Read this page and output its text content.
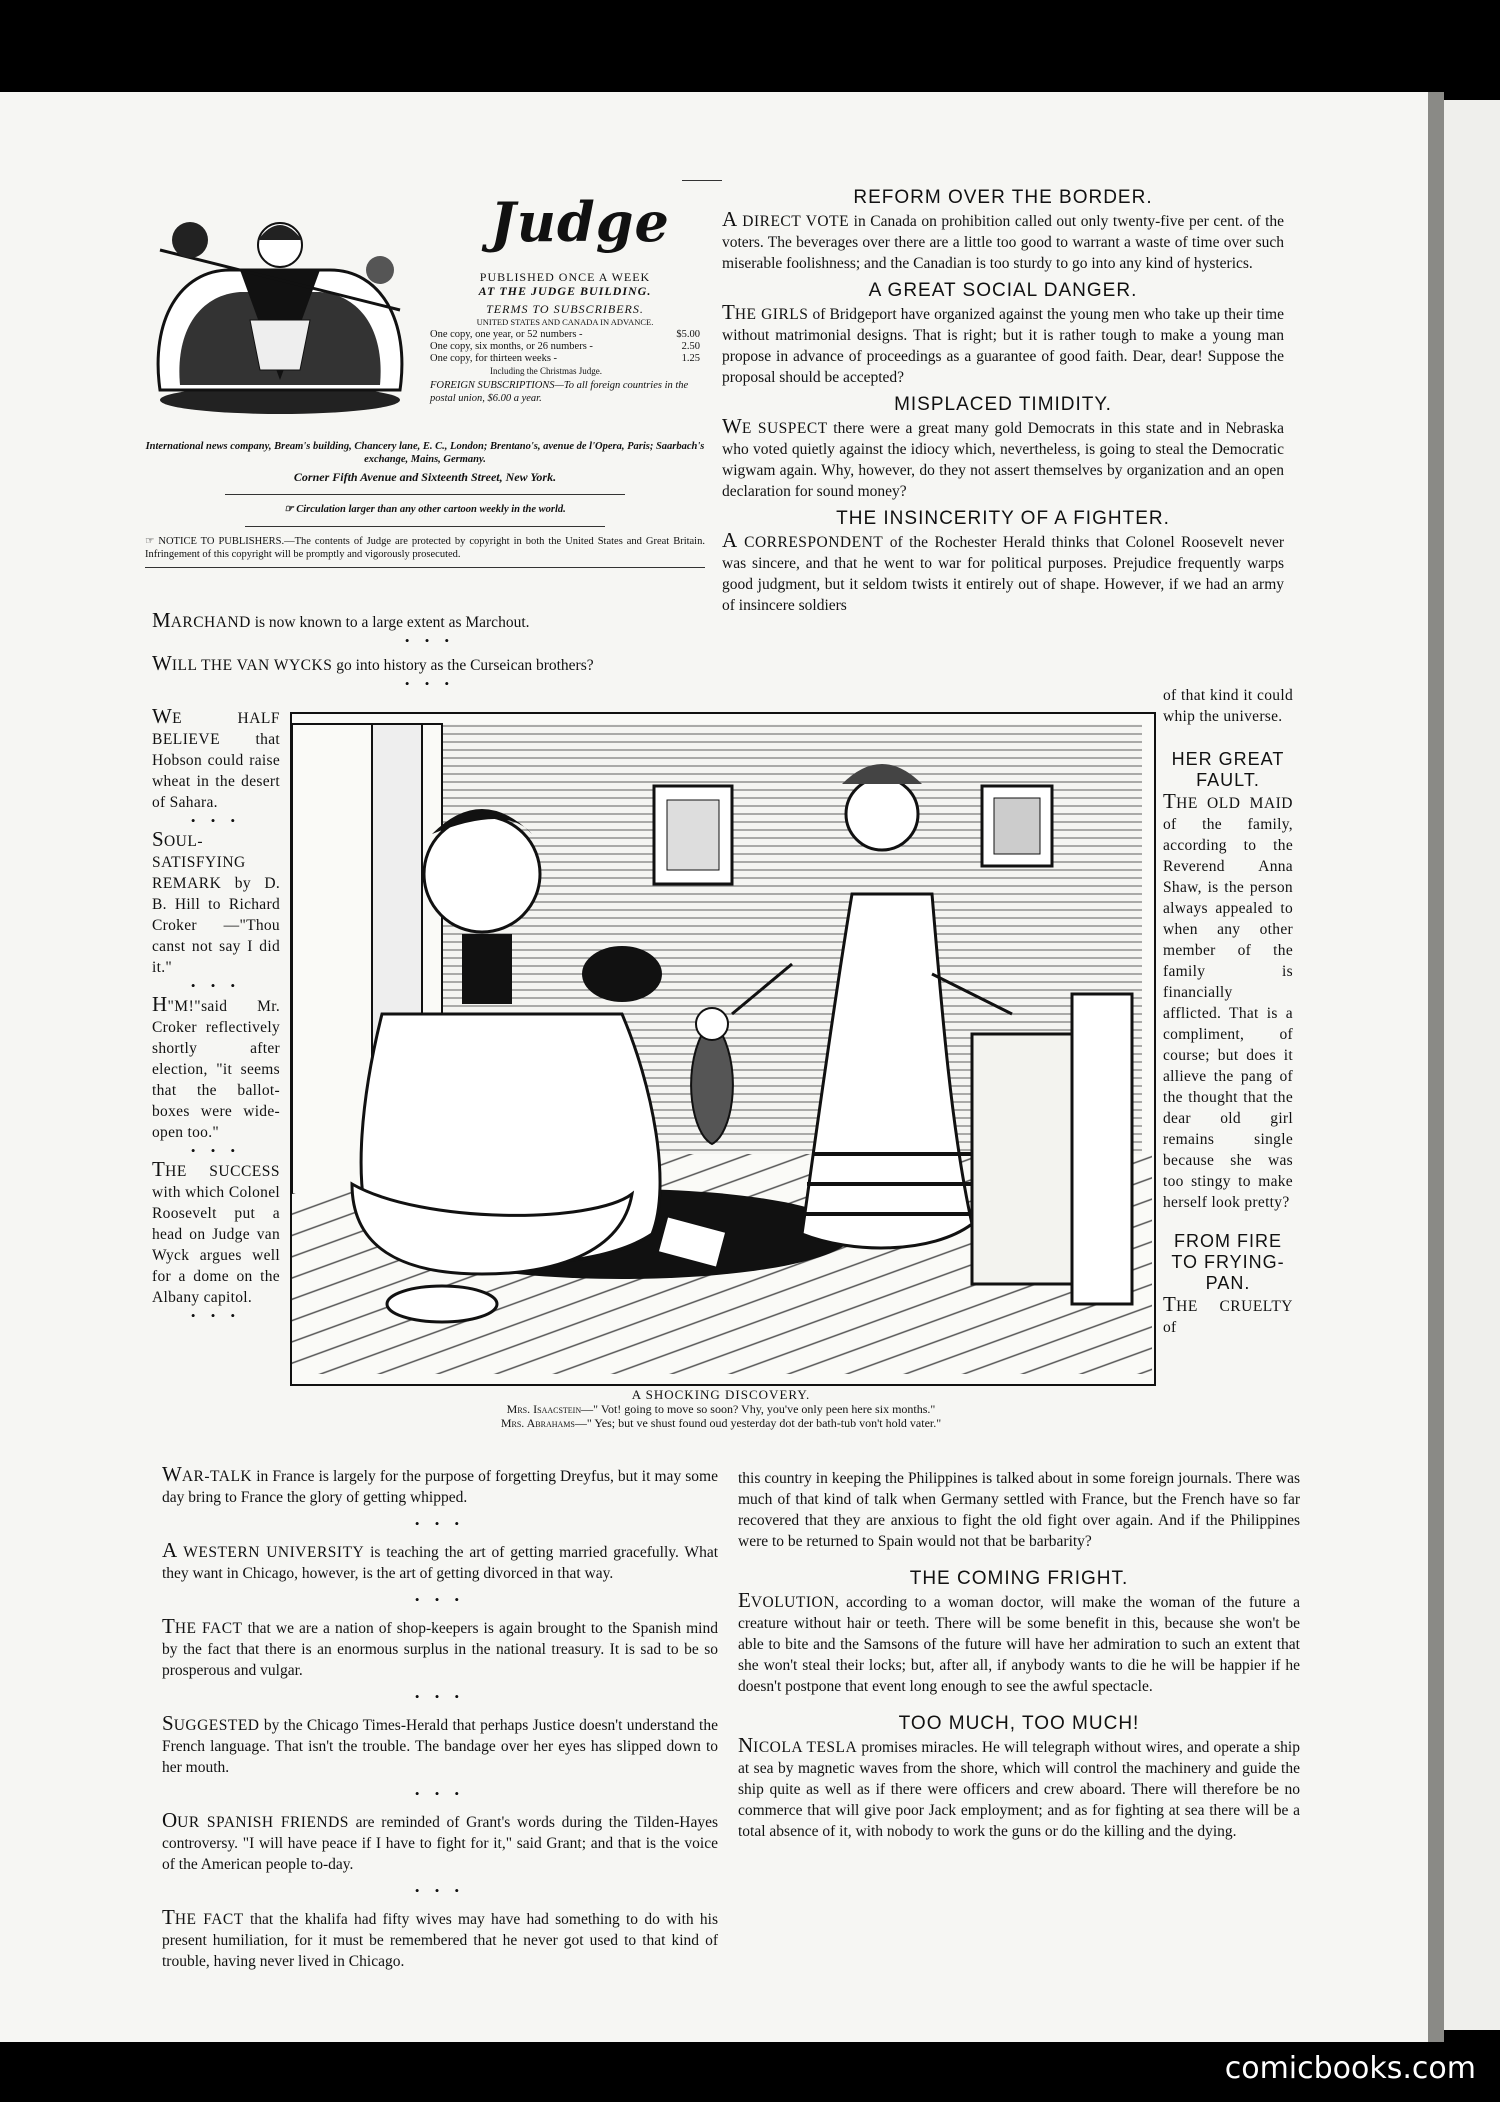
Judge

PUBLISHED ONCE A WEEK

AT THE JUDGE BUILDING.

TERMS TO SUBSCRIBERS.

UNITED STATES AND CANADA IN ADVANCE.

One copy, one year, or 52 numbers -	$5.00
One copy, six months, or 26 numbers -	2.50
One copy, for thirteen weeks -	1.25
Including the Christmas Judge.

FOREIGN SUBSCRIPTIONS—To all foreign countries in the postal union, $6.00 a year.

International news company, Bream's building, Chancery lane, E. C., London; Brentano's, avenue de l'Opera, Paris; Saarbach's exchange, Mains, Germany.

Corner Fifth Avenue and Sixteenth Street, New York.

☞ Circulation larger than any other cartoon weekly in the world.

☞ NOTICE TO PUBLISHERS.—The contents of Judge are protected by copyright in both the United States and Great Britain. Infringement of this copyright will be promptly and vigorously prosecuted.

MARCHAND is now known to a large extent as Marchout.

• • •

WILL THE VAN WYCKS go into history as the Curseican brothers?

• • •

REFORM OVER THE BORDER.

A DIRECT VOTE in Canada on prohibition called out only twenty-five per cent. of the voters. The beverages over there are a little too good to warrant a waste of time over such miserable foolishness; and the Canadian is too sturdy to go into any kind of hysterics.

A GREAT SOCIAL DANGER.

THE GIRLS of Bridgeport have organized against the young men who take up their time without matrimonial designs. That is right; but it is rather tough to make a young man propose in advance of proceedings as a guarantee of good faith. Dear, dear! Suppose the proposal should be accepted?

MISPLACED TIMIDITY.

WE SUSPECT there were a great many gold Democrats in this state and in Nebraska who voted quietly against the idiocy which, nevertheless, is going to steal the Democratic wigwam again. Why, however, do they not assert themselves by organization and an open declaration for sound money?

THE INSINCERITY OF A FIGHTER.

A CORRESPONDENT of the Rochester Herald thinks that Colonel Roosevelt never was sincere, and that he went to war for political purposes. Prejudice frequently warps good judgment, but it seldom twists it entirely out of shape. However, if we had an army of insincere soldiers

WE HALF BELIEVE that Hobson could raise wheat in the desert of Sahara.

• • •

SOUL-SATISFYING REMARK by D. B. Hill to Richard Croker —"Thou canst not say I did it."

• • •

H"M!"said Mr. Croker reflectively shortly after election, "it seems that the ballot-boxes were wide-open too."

• • •

THE SUCCESS with which Colonel Roosevelt put a head on Judge van Wyck argues well for a dome on the Albany capitol.

• • •

A SHOCKING DISCOVERY.

Mrs. Isaacstein—" Vot! going to move so soon? Vhy, you've only peen here six months."

Mrs. Abrahams—" Yes; but ve shust found oud yesterday dot der bath-tub von't hold vater."

of that kind it could whip the universe.

HER GREAT FAULT.

THE OLD MAID of the family, according to the Reverend Anna Shaw, is the person always appealed to when any other member of the family is financially afflicted. That is a compliment, of course; but does it allieve the pang of the thought that the dear old girl remains single because she was too stingy to make herself look pretty?

FROM FIRE TO FRYING-PAN.

THE CRUELTY of

WAR-TALK in France is largely for the purpose of forgetting Dreyfus, but it may some day bring to France the glory of getting whipped.

• • •

A WESTERN UNIVERSITY is teaching the art of getting married gracefully. What they want in Chicago, however, is the art of getting divorced in that way.

• • •

THE FACT that we are a nation of shop-keepers is again brought to the Spanish mind by the fact that there is an enormous surplus in the national treasury. It is sad to be so prosperous and vulgar.

• • •

SUGGESTED by the Chicago Times-Herald that perhaps Justice doesn't understand the French language. That isn't the trouble. The bandage over her eyes has slipped down to her mouth.

• • •

OUR SPANISH FRIENDS are reminded of Grant's words during the Tilden-Hayes controversy. "I will have peace if I have to fight for it," said Grant; and that is the voice of the American people to-day.

• • •

THE FACT that the khalifa had fifty wives may have had something to do with his present humiliation, for it must be remembered that he never got used to that kind of trouble, having never lived in Chicago.

this country in keeping the Philippines is talked about in some foreign journals. There was much of that kind of talk when Germany settled with France, but the French have so far recovered that they are anxious to fight the old fight over again. And if the Philippines were to be returned to Spain would not that be barbarity?

THE COMING FRIGHT.

EVOLUTION, according to a woman doctor, will make the woman of the future a creature without hair or teeth. There will be some benefit in this, because she won't be able to bite and the Samsons of the future will have her admiration to such an extent that she won't steal their locks; but, after all, if anybody wants to die he will be happier if he doesn't postpone that event long enough to see the awful spectacle.

TOO MUCH, TOO MUCH!

NICOLA TESLA promises miracles. He will telegraph without wires, and operate a ship at sea by magnetic waves from the shore, which will control the machinery and guide the ship quite as well as if there were officers and crew aboard. There will therefore be no commerce that will give poor Jack employment; and as for fighting at sea there will be a total absence of it, with nobody to work the guns or do the killing and the dying.

comicbooks.com
